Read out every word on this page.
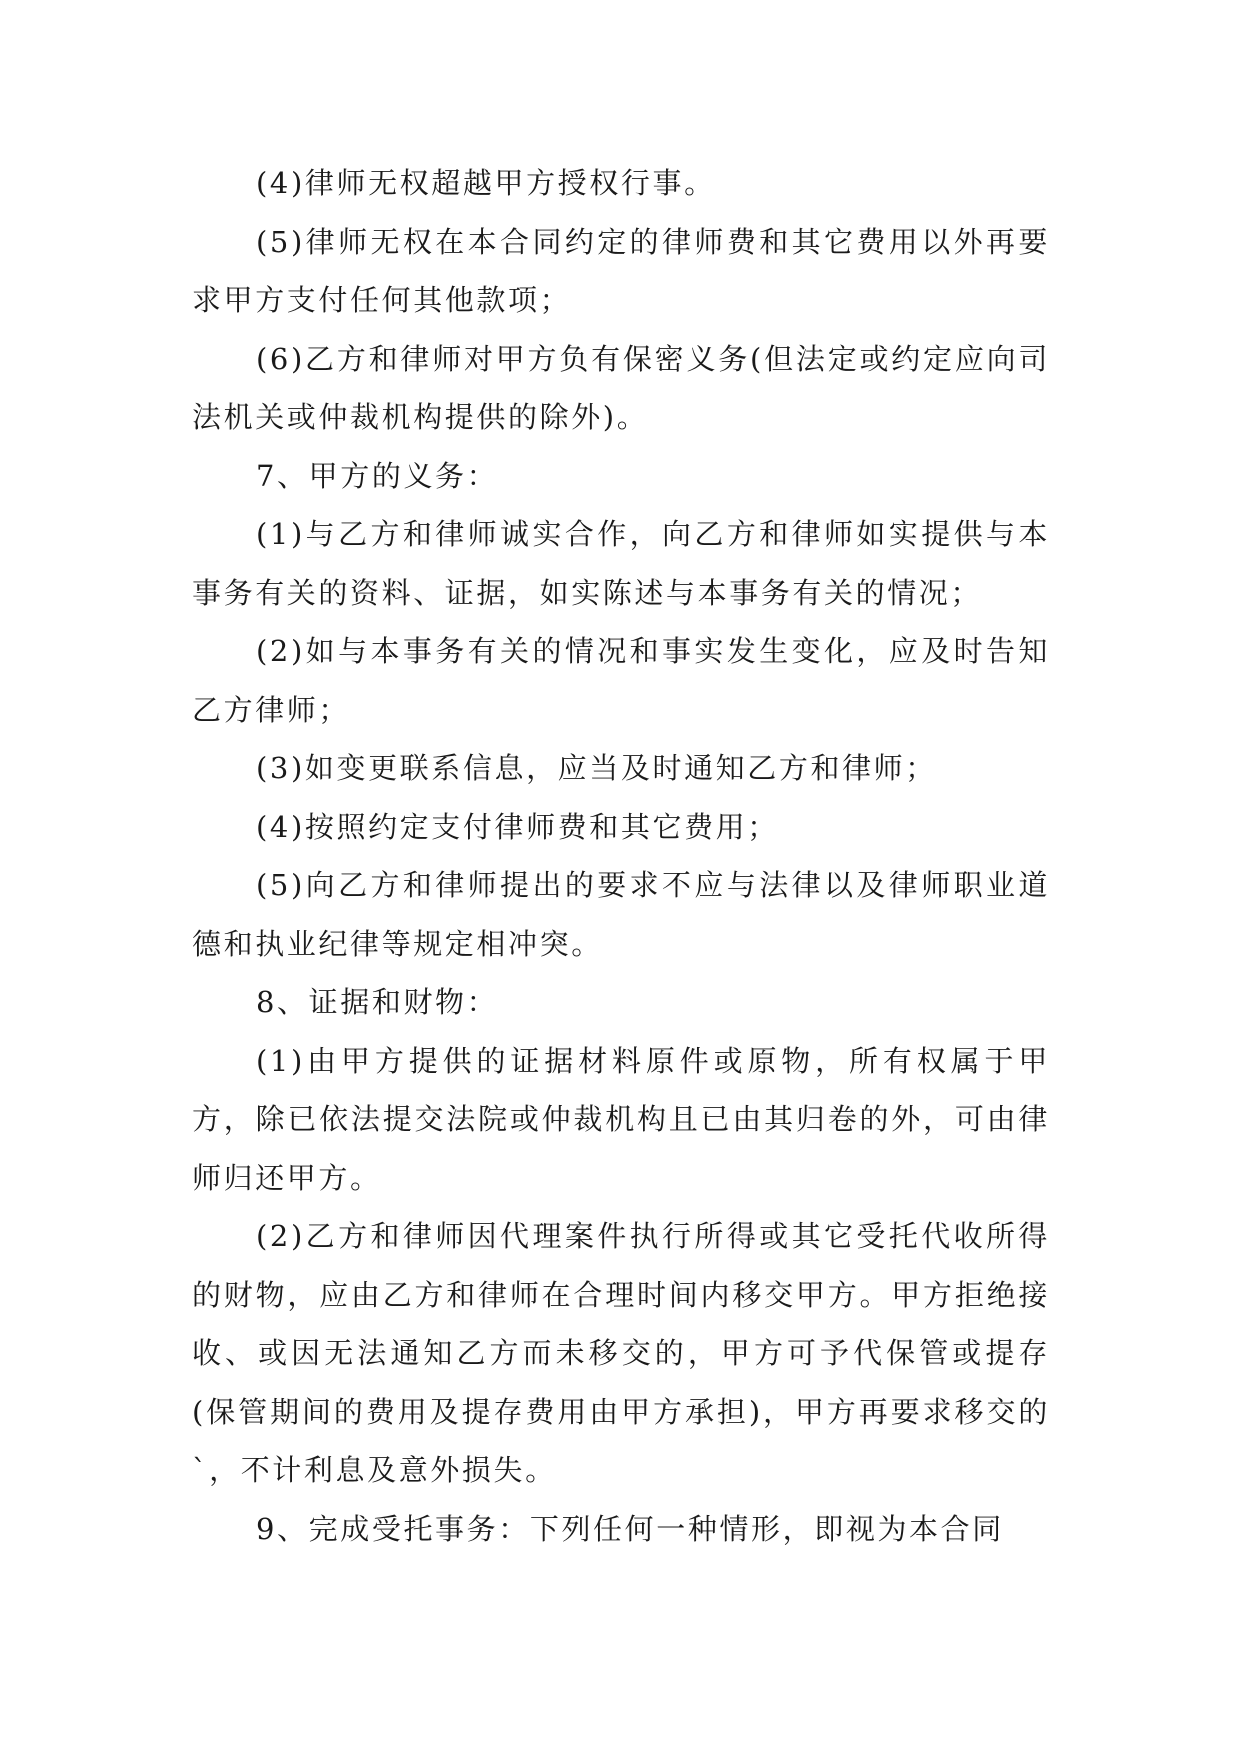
(4)律师无权超越甲方授权行事。

(5)律师无权在本合同约定的律师费和其它费用以外再要求甲方支付任何其他款项；

(6)乙方和律师对甲方负有保密义务(但法定或约定应向司法机关或仲裁机构提供的除外)。

7、甲方的义务：

(1)与乙方和律师诚实合作，向乙方和律师如实提供与本事务有关的资料、证据，如实陈述与本事务有关的情况；

(2)如与本事务有关的情况和事实发生变化，应及时告知乙方律师；

(3)如变更联系信息，应当及时通知乙方和律师；

(4)按照约定支付律师费和其它费用；

(5)向乙方和律师提出的要求不应与法律以及律师职业道德和执业纪律等规定相冲突。

8、证据和财物：

(1)由甲方提供的证据材料原件或原物，所有权属于甲方，除已依法提交法院或仲裁机构且已由其归卷的外，可由律师归还甲方。

(2)乙方和律师因代理案件执行所得或其它受托代收所得的财物，应由乙方和律师在合理时间内移交甲方。甲方拒绝接收、或因无法通知乙方而未移交的，甲方可予代保管或提存(保管期间的费用及提存费用由甲方承担)，甲方再要求移交的`，不计利息及意外损失。

9、完成受托事务：下列任何一种情形，即视为本合同
